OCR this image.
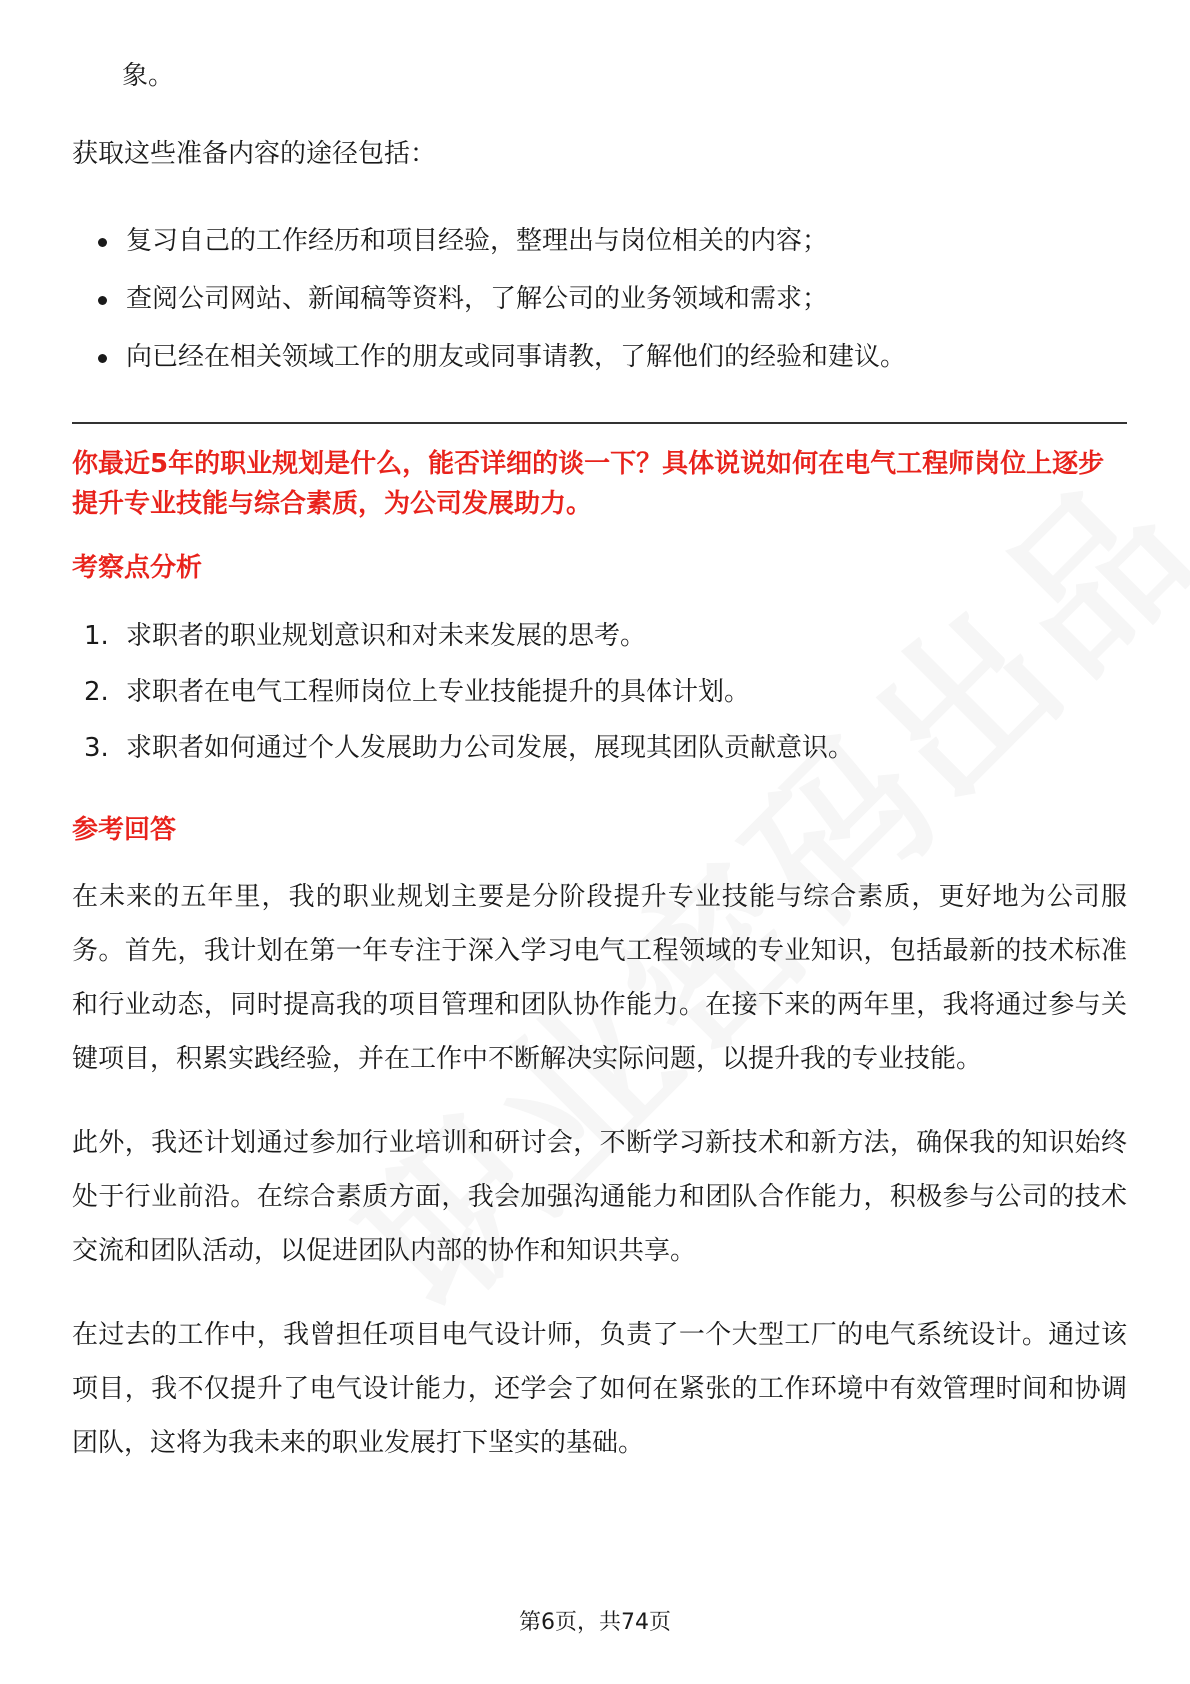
象。

获取这些准备内容的途径包括：

复习自己的工作经历和项目经验，整理出与岗位相关的内容；
查阅公司网站、新闻稿等资料，了解公司的业务领域和需求；
向已经在相关领域工作的朋友或同事请教，了解他们的经验和建议。

你最近5年的职业规划是什么，能否详细的谈一下？具体说说如何在电气工程师岗位上逐步提升专业技能与综合素质，为公司发展助力。

考察点分析

1. 求职者的职业规划意识和对未来发展的思考。
2. 求职者在电气工程师岗位上专业技能提升的具体计划。
3. 求职者如何通过个人发展助力公司发展，展现其团队贡献意识。

参考回答

在未来的五年里，我的职业规划主要是分阶段提升专业技能与综合素质，更好地为公司服务。首先，我计划在第一年专注于深入学习电气工程领域的专业知识，包括最新的技术标准和行业动态，同时提高我的项目管理和团队协作能力。在接下来的两年里，我将通过参与关键项目，积累实践经验，并在工作中不断解决实际问题，以提升我的专业技能。

此外，我还计划通过参加行业培训和研讨会，不断学习新技术和新方法，确保我的知识始终处于行业前沿。在综合素质方面，我会加强沟通能力和团队合作能力，积极参与公司的技术交流和团队活动，以促进团队内部的协作和知识共享。

在过去的工作中，我曾担任项目电气设计师，负责了一个大型工厂的电气系统设计。通过该项目，我不仅提升了电气设计能力，还学会了如何在紧张的工作环境中有效管理时间和协调团队，这将为我未来的职业发展打下坚实的基础。

第6页，共74页
